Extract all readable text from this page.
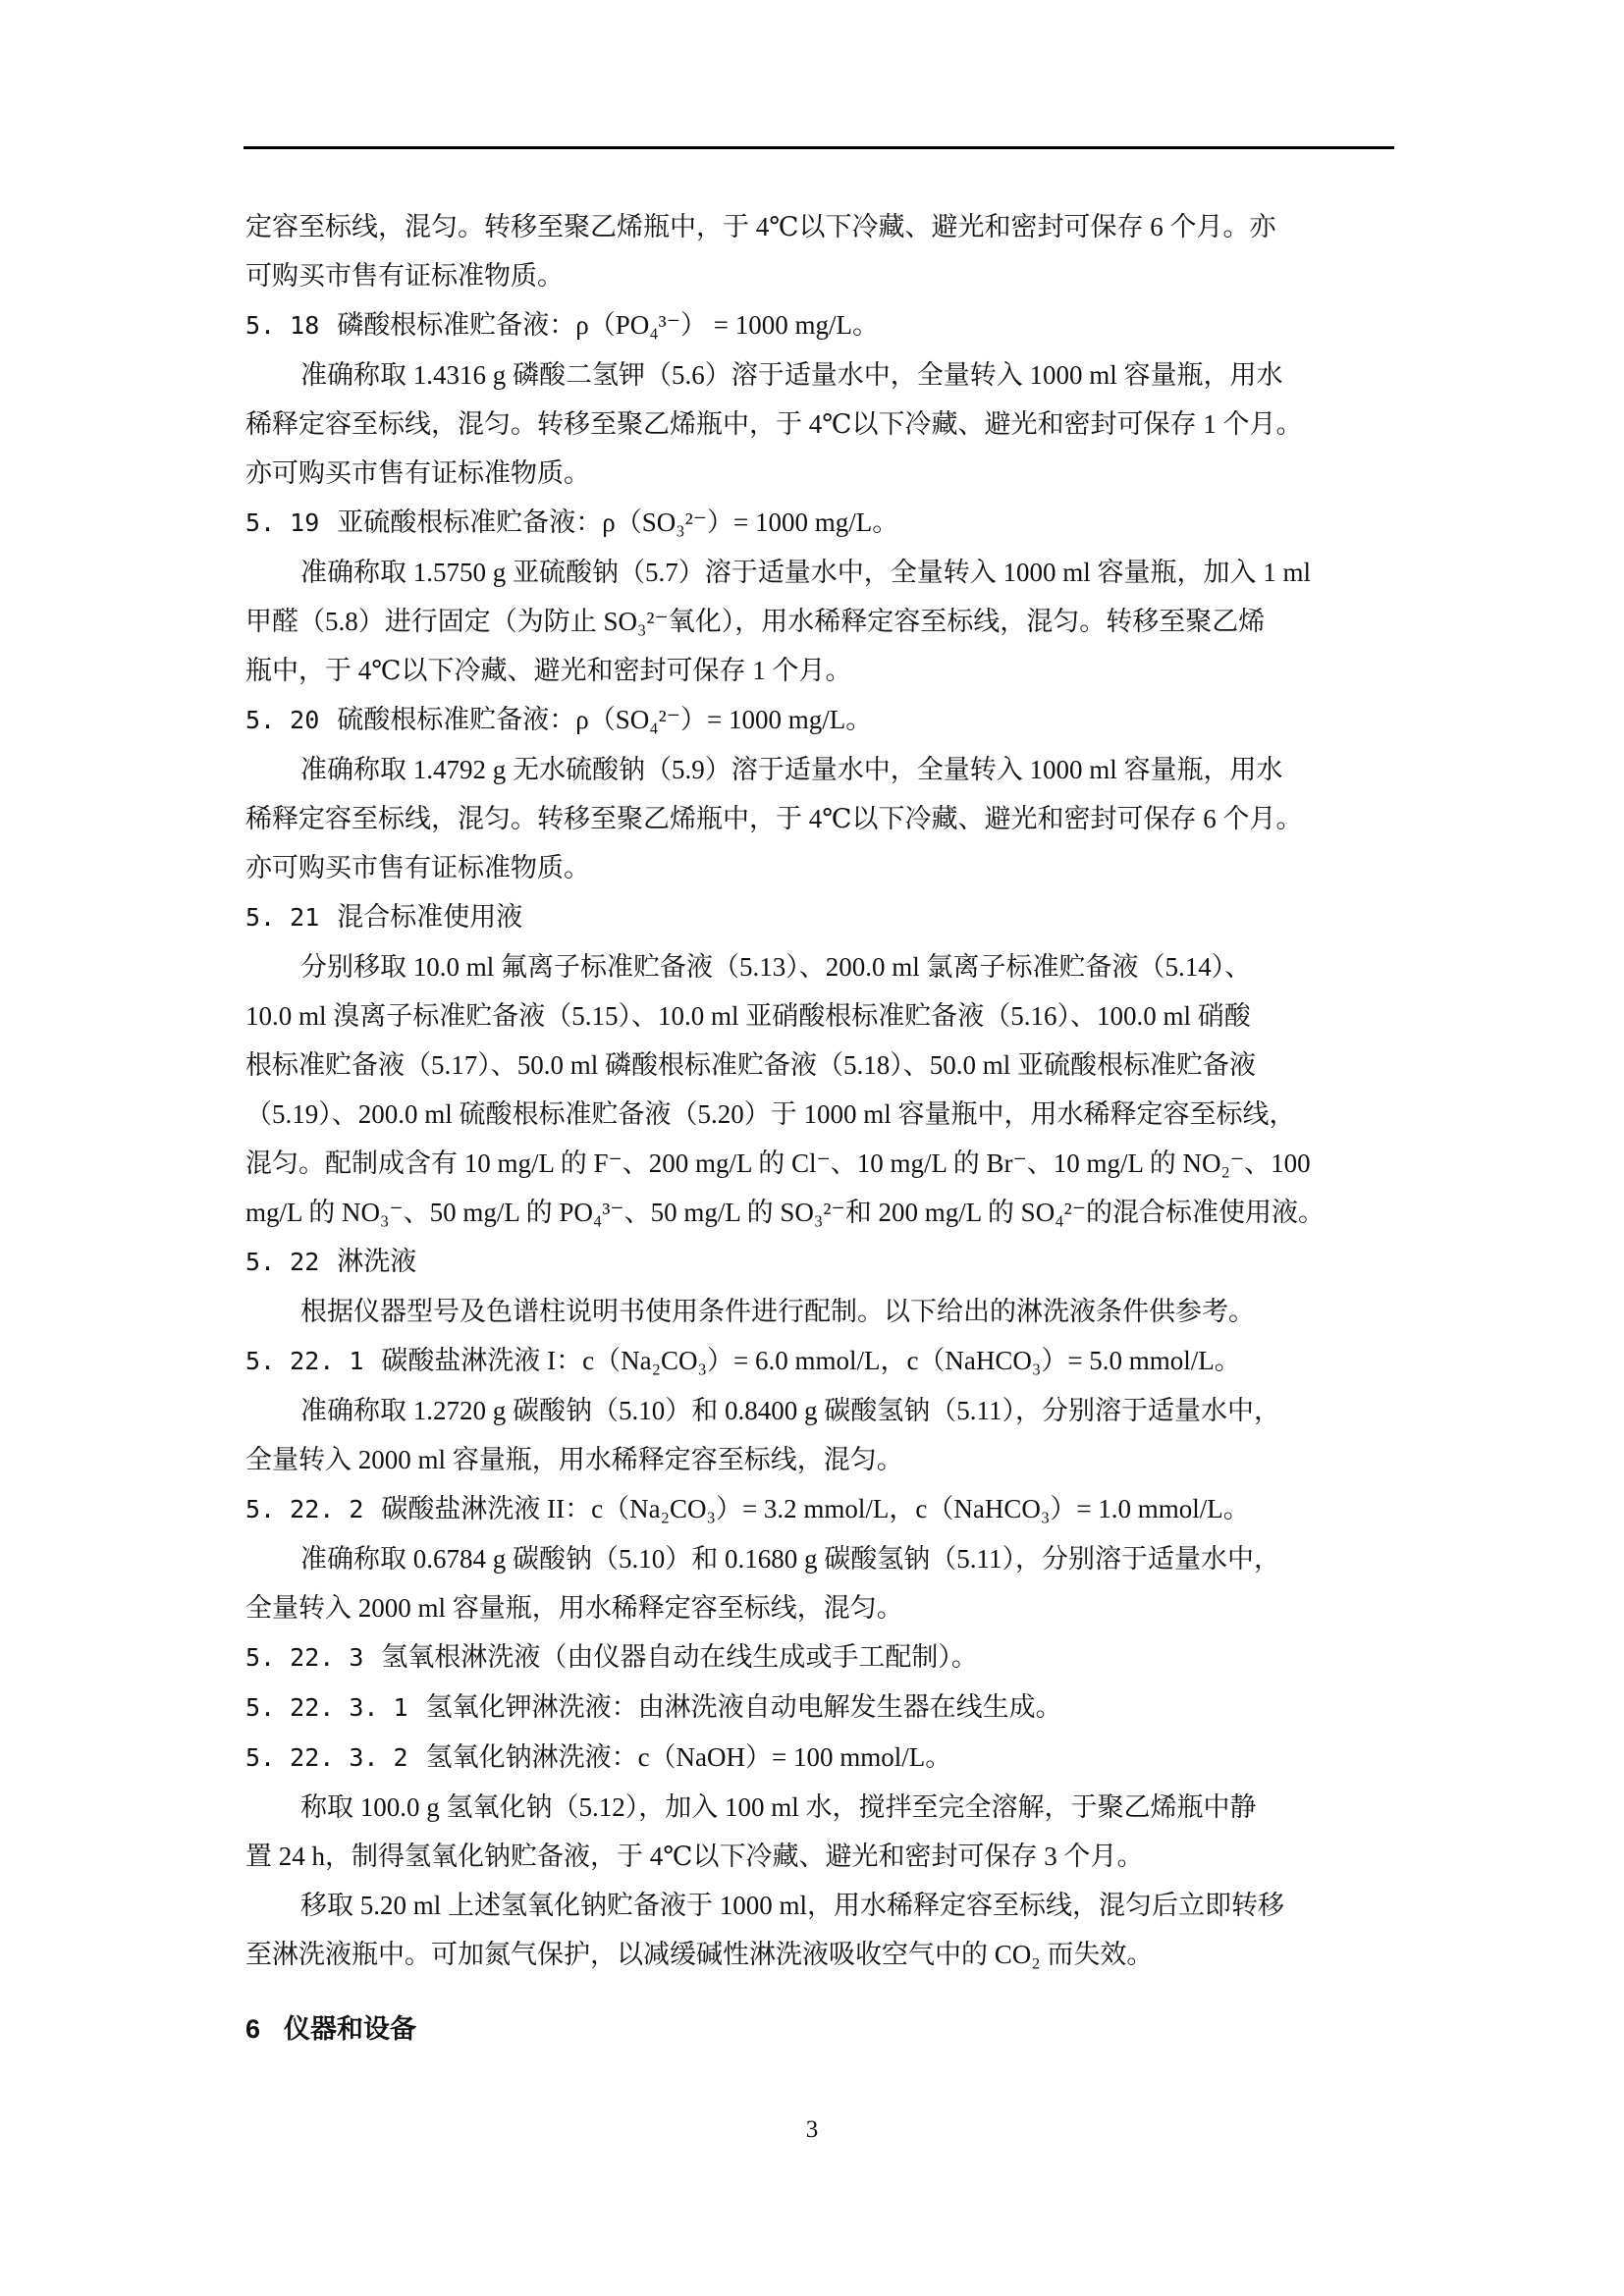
定容至标线，混匀。转移至聚乙烯瓶中，于 4℃以下冷藏、避光和密封可保存 6 个月。亦
可购买市售有证标准物质。
5. 18 磷酸根标准贮备液：ρ（PO₄³⁻） = 1000 mg/L。
准确称取 1.4316 g 磷酸二氢钾（5.6）溶于适量水中，全量转入 1000 ml 容量瓶，用水
稀释定容至标线，混匀。转移至聚乙烯瓶中，于 4℃以下冷藏、避光和密封可保存 1 个月。
亦可购买市售有证标准物质。
5. 19 亚硫酸根标准贮备液：ρ（SO₃²⁻）= 1000 mg/L。
准确称取 1.5750 g 亚硫酸钠（5.7）溶于适量水中，全量转入 1000 ml 容量瓶，加入 1 ml
甲醛（5.8）进行固定（为防止 SO₃²⁻氧化），用水稀释定容至标线，混匀。转移至聚乙烯
瓶中，于 4℃以下冷藏、避光和密封可保存 1 个月。
5. 20 硫酸根标准贮备液：ρ（SO₄²⁻）= 1000 mg/L。
准确称取 1.4792 g 无水硫酸钠（5.9）溶于适量水中，全量转入 1000 ml 容量瓶，用水
稀释定容至标线，混匀。转移至聚乙烯瓶中，于 4℃以下冷藏、避光和密封可保存 6 个月。
亦可购买市售有证标准物质。
5. 21 混合标准使用液
分别移取 10.0 ml 氟离子标准贮备液（5.13）、200.0 ml 氯离子标准贮备液（5.14）、
10.0 ml 溴离子标准贮备液（5.15）、10.0 ml 亚硝酸根标准贮备液（5.16）、100.0 ml 硝酸
根标准贮备液（5.17）、50.0 ml 磷酸根标准贮备液（5.18）、50.0 ml 亚硫酸根标准贮备液
（5.19）、200.0 ml 硫酸根标准贮备液（5.20）于 1000 ml 容量瓶中，用水稀释定容至标线，
混匀。配制成含有 10 mg/L 的 F⁻、200 mg/L 的 Cl⁻、10 mg/L 的 Br⁻、10 mg/L 的 NO₂⁻、100
mg/L 的 NO₃⁻、50 mg/L 的 PO₄³⁻、50 mg/L 的 SO₃²⁻和 200 mg/L 的 SO₄²⁻的混合标准使用液。
5. 22 淋洗液
根据仪器型号及色谱柱说明书使用条件进行配制。以下给出的淋洗液条件供参考。
5. 22. 1 碳酸盐淋洗液 I：c（Na₂CO₃）= 6.0 mmol/L，c（NaHCO₃）= 5.0 mmol/L。
准确称取 1.2720 g 碳酸钠（5.10）和 0.8400 g 碳酸氢钠（5.11），分别溶于适量水中，
全量转入 2000 ml 容量瓶，用水稀释定容至标线，混匀。
5. 22. 2 碳酸盐淋洗液 II：c（Na₂CO₃）= 3.2 mmol/L，c（NaHCO₃）= 1.0 mmol/L。
准确称取 0.6784 g 碳酸钠（5.10）和 0.1680 g 碳酸氢钠（5.11），分别溶于适量水中，
全量转入 2000 ml 容量瓶，用水稀释定容至标线，混匀。
5. 22. 3 氢氧根淋洗液（由仪器自动在线生成或手工配制）。
5. 22. 3. 1 氢氧化钾淋洗液：由淋洗液自动电解发生器在线生成。
5. 22. 3. 2 氢氧化钠淋洗液：c（NaOH）= 100 mmol/L。
称取 100.0 g 氢氧化钠（5.12），加入 100 ml 水，搅拌至完全溶解，于聚乙烯瓶中静
置 24 h，制得氢氧化钠贮备液，于 4℃以下冷藏、避光和密封可保存 3 个月。
移取 5.20 ml 上述氢氧化钠贮备液于 1000 ml，用水稀释定容至标线，混匀后立即转移
至淋洗液瓶中。可加氮气保护，以减缓碱性淋洗液吸收空气中的 CO₂ 而失效。
6 仪器和设备
3
